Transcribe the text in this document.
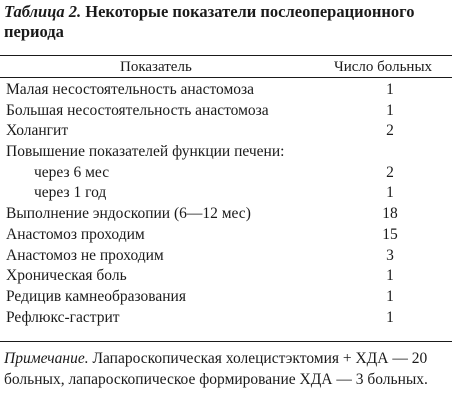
Таблица 2. Некоторые показатели послеоперационного
периода
Показатель	Число больных
Малая несостоятельность анастомоза	1
Большая несостоятельность анастомоза	1
Холангит	2
Повышение показателей функции печени:
через 6 мес	2
через 1 год	1
Выполнение эндоскопии (6—12 мес)	18
Анастомоз проходим	15
Анастомоз не проходим	3
Хроническая боль	1
Редицив камнеобразования	1
Рефлюкс-гастрит	1
Примечание. Лапароскопическая холецистэктомия + ХДА — 20
больных, лапароскопическое формирование ХДА — 3 больных.
